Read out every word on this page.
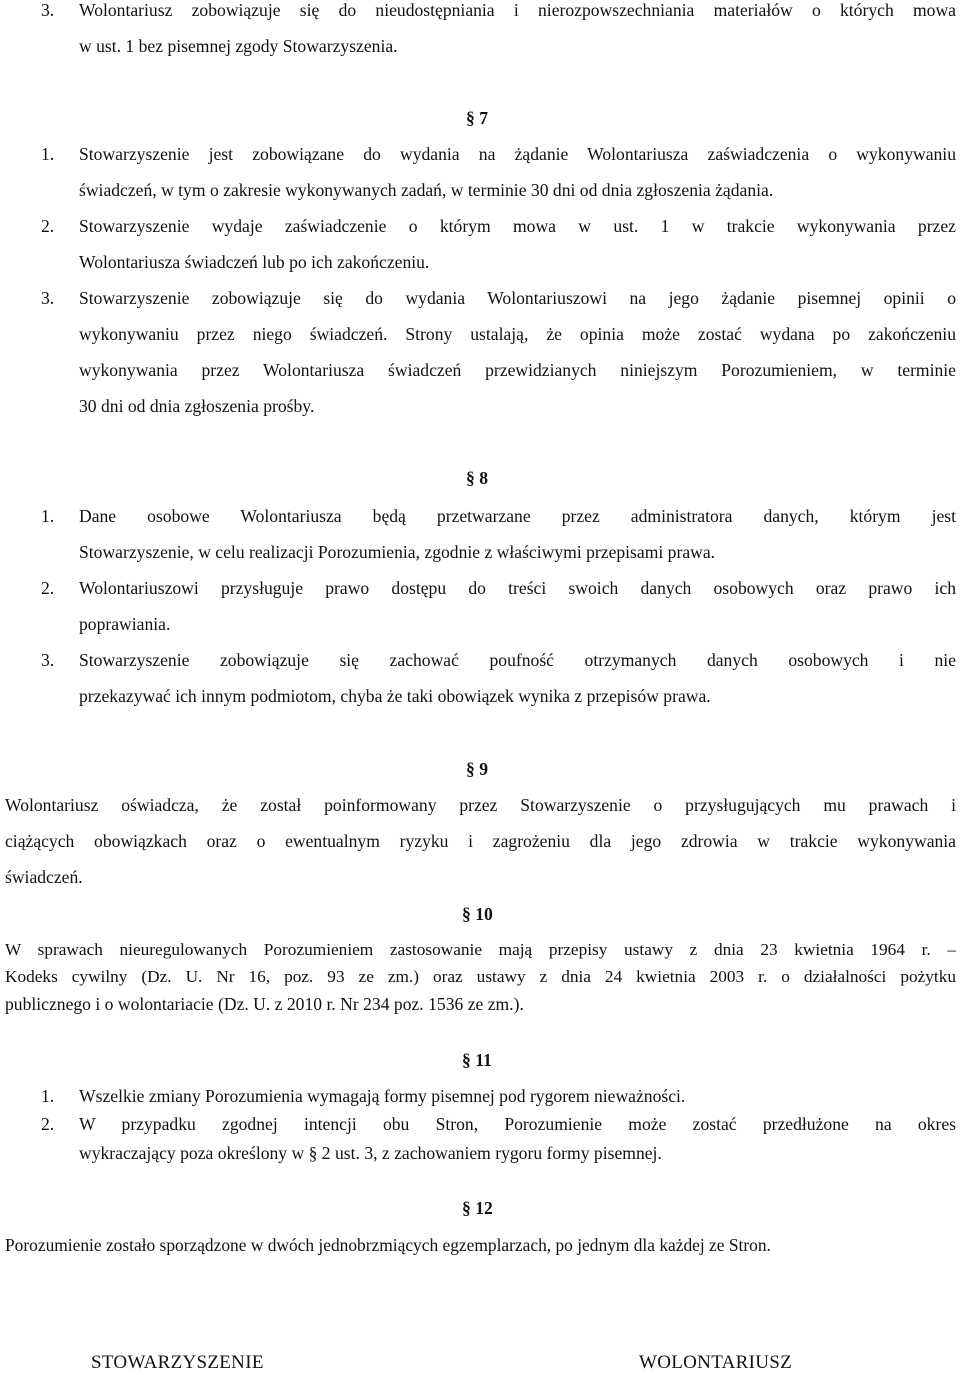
3. Wolontariusz zobowiązuje się do nieudostępniania i nierozpowszechniania materiałów o których mowa
w ust. 1 bez pisemnej zgody Stowarzyszenia.
§ 7
1. Stowarzyszenie jest zobowiązane do wydania na żądanie Wolontariusza zaświadczenia o wykonywaniu
świadczeń, w tym o zakresie wykonywanych zadań, w terminie 30 dni od dnia zgłoszenia żądania.
2. Stowarzyszenie wydaje zaświadczenie o którym mowa w ust. 1 w trakcie wykonywania przez
Wolontariusza świadczeń lub po ich zakończeniu.
3. Stowarzyszenie zobowiązuje się do wydania Wolontariuszowi na jego żądanie pisemnej opinii o
wykonywaniu przez niego świadczeń. Strony ustalają, że opinia może zostać wydana po zakończeniu
wykonywania przez Wolontariusza świadczeń przewidzianych niniejszym Porozumieniem, w terminie
30 dni od dnia zgłoszenia prośby.
§ 8
1. Dane osobowe Wolontariusza będą przetwarzane przez administratora danych, którym jest
Stowarzyszenie, w celu realizacji Porozumienia, zgodnie z właściwymi przepisami prawa.
2. Wolontariuszowi przysługuje prawo dostępu do treści swoich danych osobowych oraz prawo ich
poprawiania.
3. Stowarzyszenie zobowiązuje się zachować poufność otrzymanych danych osobowych i nie
przekazywać ich innym podmiotom, chyba że taki obowiązek wynika z przepisów prawa.
§ 9
Wolontariusz oświadcza, że został poinformowany przez Stowarzyszenie o przysługujących mu prawach i
ciążących obowiązkach oraz o ewentualnym ryzyku i zagrożeniu dla jego zdrowia w trakcie wykonywania
świadczeń.
§ 10
W sprawach nieuregulowanych Porozumieniem zastosowanie mają przepisy ustawy z dnia 23 kwietnia 1964 r. –
Kodeks cywilny (Dz. U. Nr 16, poz. 93 ze zm.) oraz ustawy z dnia 24 kwietnia 2003 r. o działalności pożytku
publicznego i o wolontariacie (Dz. U. z 2010 r. Nr 234 poz. 1536 ze zm.).
§ 11
1. Wszelkie zmiany Porozumienia wymagają formy pisemnej pod rygorem nieważności.
2. W przypadku zgodnej intencji obu Stron, Porozumienie może zostać przedłużone na okres
wykraczający poza określony w § 2 ust. 3, z zachowaniem rygoru formy pisemnej.
§ 12
Porozumienie zostało sporządzone w dwóch jednobrzmiących egzemplarzach, po jednym dla każdej ze Stron.
STOWARZYSZENIE	WOLONTARIUSZ
